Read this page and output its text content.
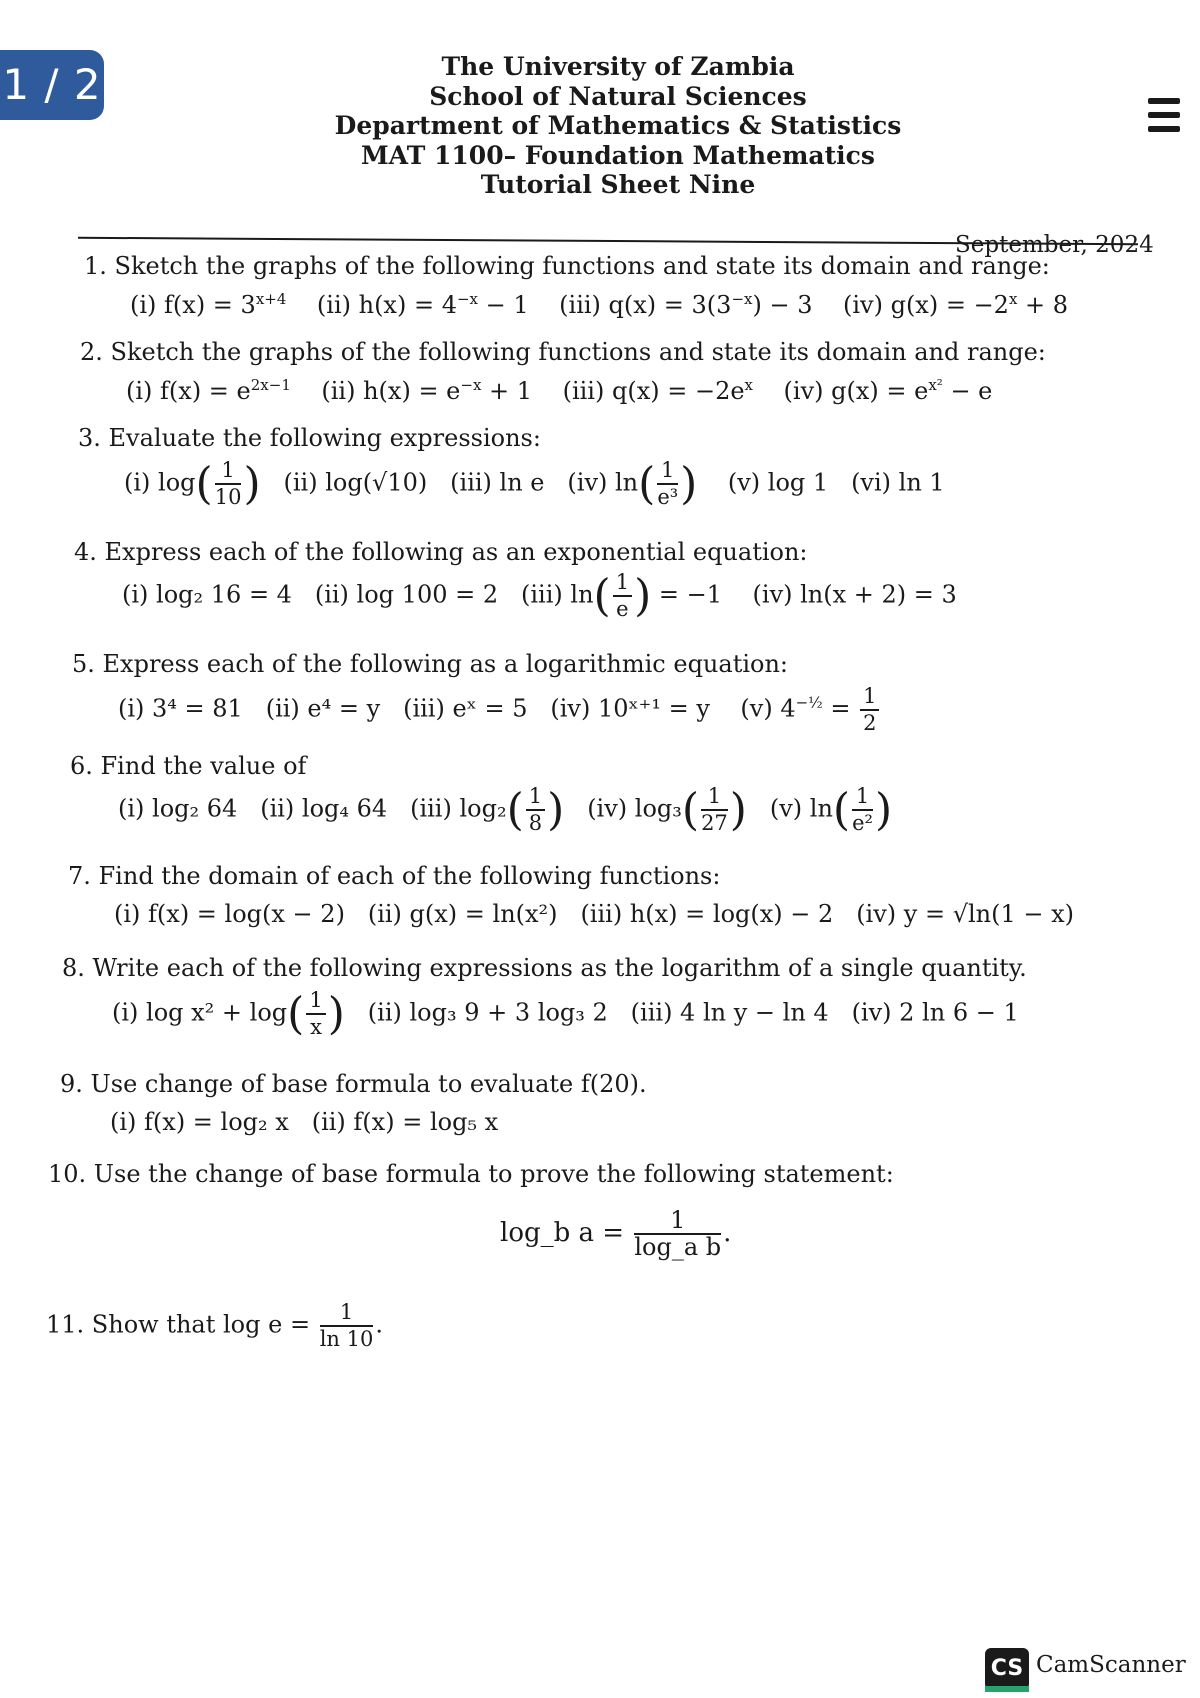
1 / 2	The University of Zambia
School of Natural Sciences
Department of Mathematics & Statistics
MAT 1100– Foundation Mathematics
Tutorial Sheet Nine
September, 2024
1. Sketch the graphs of the following functions and state its domain and range:
(i) $f(x) = 3^{x+4}$ (ii) $h(x) = 4^{-x} - 1$ (iii) $q(x) = 3(3^{-x}) - 3$ (iv) $g(x) = -2^x + 8$
2. Sketch the graphs of the following functions and state its domain and range:
(i) $f(x) = e^{2x-1}$ (ii) $h(x) = e^{-x} + 1$ (iii) $q(x) = -2e^x$ (iv) $g(x) = e^{x^2} - e$
3. Evaluate the following expressions:
(i) $\log( \frac{1}{10}$ ) (ii) log(√10) (iii) ln e (iv) $\ln( \frac{1}{\text{e³}}$ ) (v) log 1 (vi) ln 1
4. Express each of the following as an exponential equation:
(i) log₂ 16 = 4 (ii) log 100 = 2 (iii) $\ln( \frac{1}{e}$ ) = −1 (iv) ln(x + 2) = 3
5. Express each of the following as a logarithmic equation:
(i) 3⁴ = 81 (ii) e⁴ = y (iii) eˣ = 5 (iv) 10ˣ⁺¹ = y (v) $4^{-\frac{1}{2}} = \frac{1}{2}$
6. Find the value of
(i) log₂ 64 (ii) log₄ 64 (iii) $\log_2( \frac{1}{8}$ ) (iv) $\log_3( \frac{1}{27}$ ) (v) $\ln( \frac{1}{\text{e²}}$ )
7. Find the domain of each of the following functions:
(i) f(x) = log(x − 2) (ii) g(x) = ln(x²) (iii) h(x) = log(x) − 2 (iv) y = √ln(1 − x)
8. Write each of the following expressions as the logarithm of a single quantity.
(i) $\log x^2 + \log( \frac{1}{x}$ ) (ii) log₃ 9 + 3 log₃ 2 (iii) 4 ln y − ln 4 (iv) 2 ln 6 − 1
9. Use change of base formula to evaluate f(20).
(i) f(x) = log₂ x (ii) f(x) = log₅ x
10. Use the change of base formula to prove the following statement:
log_b $a = \frac{1}{\text{log\_a b}}$ .
11. Show that $\log e = \frac{1}{\ln 10}$ .
CS CamScanner
